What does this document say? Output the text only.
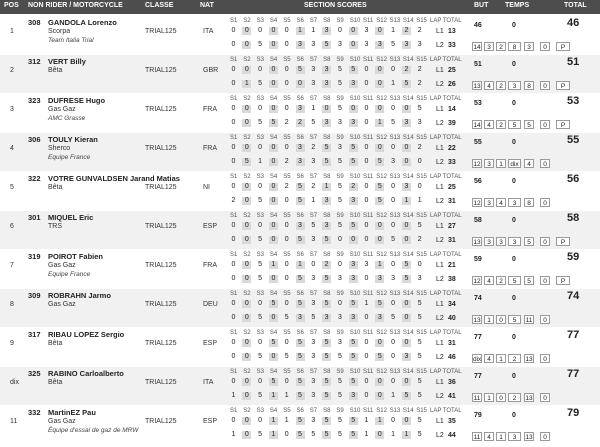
POS NON RIDER / MOTORCYCLE	CLASSE	NAT	SECTION SCORES	BUT TEMPS	TOTAL
1
308 GANDOLA Lorenzo
Scorpa
Team Italia Trial
TRIAL125	ITA
S1 S2 S3 S4 S5 S6 S7 S8 S9 S10 S11 S12 S13 S14 S15 LAP TOTAL
0	0	0	0	0	1	1	3	0	0	3	0	1	2	2	L1 13
0	0	5	0	0	3	3	5	3	0	3	3	5	3	3	L2 33
46	0	46
14	3	2	8	3	0	P
2
312 VERT Billy
Bêta	TRIAL125	GBR
S1 S2 S3 S4 S5 S6 S7 S8 S9 S10 S11 S12 S13 S14 S15 LAP TOTAL
0	0	0	0	0	5	3	3	5	5	0	0	0	2	2	L1 25
0	1	5	0	0	0	3	3	5	3	0	0	1	5	2	L2 26
51	0	51
13	4	2	3	8	0	P
3
323 DUFRESE Hugo
Gas Gaz
AMC Grasse
TRIAL125	FRA
S1 S2 S3 S4 S5 S6 S7 S8 S9 S10 S11 S12 S13 S14 S15 LAP TOTAL
0	0	0	0	0	3	1	0	5	0	0	0	0	0	5	L1 14
0	0	5	5	2	2	5	3	3	3	0	1	5	3	3	L2 39
53	0	53
14	4	2	5	5	0	P
4
306 TOULY Kieran
Sherco
Equipe France
TRIAL125	FRA
S1 S2 S3 S4 S5 S6 S7 S8 S9 S10 S11 S12 S13 S14 S15 LAP TOTAL
0	0	0	0	0	3	2	5	3	5	0	0	0	0	2	L1 22
0	5	1	0	2	3	3	5	5	5	0	5	3	0	0	L2 33
55	0	55
12	3	1	dix	4	0
5
322 VOTRE GUNVALDSEN Jarand Matias
Bêta	TRIAL125	NI
S1 S2 S3 S4 S5 S6 S7 S8 S9 S10 S11 S12 S13 S14 S15 LAP TOTAL
0	0	0	0	2	5	2	1	5	2	0	5	0	3	0	L1 25
2	0	5	0	0	5	1	3	5	3	0	5	0	1	1	L2 31
56	0	56
12	3	4	3	8	0
6
301 MIQUEL Eric
TRS	TRIAL125	ESP
S1 S2 S3 S4 S5 S6 S7 S8 S9 S10 S11 S12 S13 S14 S15 LAP TOTAL
0	0	0	0	0	3	5	3	5	5	0	0	0	0	5	L1 27
0	0	5	0	0	5	3	5	0	0	0	0	5	0	2	L2 31
58	0	58
13	3	3	3	5	0	P
7
319 POIROT Fabien
Gas Gaz
Equipe France
TRIAL125	FRA
S1 S2 S3 S4 S5 S6 S7 S8 S9 S10 S11 S12 S13 S14 S15 LAP TOTAL
0	0	5	1	0	1	0	2	0	3	3	1	0	5	0	L1 21
0	0	5	0	0	5	3	5	3	3	0	3	3	5	3	L2 38
59	0	59
12	4	2	5	5	0	P
8
309 ROBRAHN Jarmo
Gas Gaz	TRIAL125	DEU
S1 S2 S3 S4 S5 S6 S7 S8 S9 S10 S11 S12 S13 S14 S15 LAP TOTAL
0	0	0	5	0	5	3	5	0	5	1	5	0	0	5	L1 34
0	0	5	0	5	3	5	3	3	3	0	3	5	0	5	L2 40
74	0	74
13	1	0	5	11	0
9
317 RIBAU LOPEZ Sergio
Bêta	TRIAL125	ESP
S1 S2 S3 S4 S5 S6 S7 S8 S9 S10 S11 S12 S13 S14 S15 LAP TOTAL
0	0	0	5	0	5	3	5	3	5	0	0	0	0	5	L1 31
0	0	5	0	5	5	3	5	5	5	0	5	0	3	5	L2 46
77	0	77
dix 4	1	2	13	0
dix
325 RABINO Carloalberto
Bêta	TRIAL125	ITA
S1 S2 S3 S4 S5 S6 S7 S8 S9 S10 S11 S12 S13 S14 S15 LAP TOTAL
0	0	0	5	0	5	3	5	5	5	0	0	0	0	5	L1 36
1	0	5	1	1	5	3	5	5	3	0	0	1	5	5	L2 41
77	0	77
11	1	0	2	13	0
11
332 MartinEZ Pau
Gas Gaz
Équipe d'essai de gaz de MRW
TRIAL125	ESP
S1 S2 S3 S4 S5 S6 S7 S8 S9 S10 S11 S12 S13 S14 S15 LAP TOTAL
0	0	0	1	1	5	3	5	5	5	1	1	0	0	5	L1 35
1	0	5	1	0	5	5	5	5	5	1	0	1	1	5	L2 44
79	0	79
11	4	1	3	13	0
